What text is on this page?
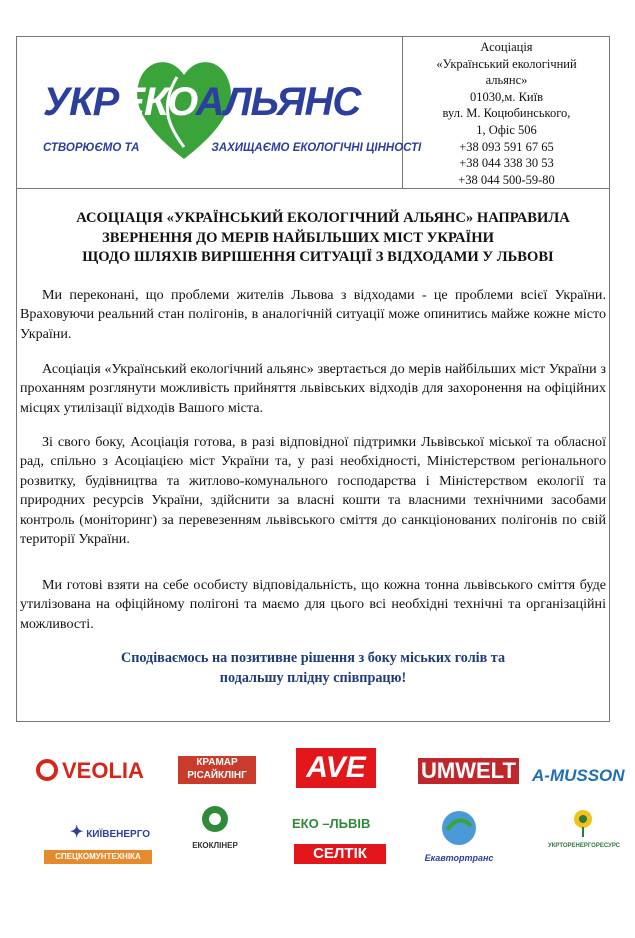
УКРЕКОАЛЬЯНС
СТВОРЮЄМО ТА	ЗАХИЩАЄМО ЕКОЛОГІЧНІ ЦІННОСТІ
Асоціація
«Український екологічний
альянс»
01030,м. Київ
вул. М. Коцюбинського,
1, Офіс 506
+38 093 591 67 65
+38 044 338 30 53
+38 044 500-59-80
АСОЦІАЦІЯ «УКРАЇНСЬКИЙ ЕКОЛОГІЧНИЙ АЛЬЯНС» НАПРАВИЛА
ЗВЕРНЕННЯ ДО МЕРІВ НАЙБІЛЬШИХ МІСТ УКРАЇНИ
ЩОДО ШЛЯХІВ ВИРІШЕННЯ СИТУАЦІЇ З ВІДХОДАМИ У ЛЬВОВІ

Ми переконані, що проблеми жителів Львова з відходами - це проблеми всієї України. Враховуючи реальний стан полігонів, в аналогічній ситуації може опинитись майже кожне місто України.

Асоціація «Український екологічний альянс» звертається до мерів найбільших міст України з проханням розглянути можливість прийняття львівських відходів для захоронення на офіційних місцях утилізації відходів Вашого міста.

Зі свого боку, Асоціація готова, в разі відповідної підтримки Львівської міської та обласної рад, спільно з Асоціацією міст України та, у разі необхідності, Міністерством регіонального розвитку, будівництва та житлово-комунального господарства і Міністерством екології та природних ресурсів України, здійснити за власні кошти та власними технічними засобами контроль (моніторинг) за перевезенням львівського сміття до санкціонованих полігонів по свій території України.

Ми готові взяти на себе особисту відповідальність, що кожна тонна львівського сміття буде утилізована на офіційному полігоні та маємо для цього всі необхідні технічні та організаційні можливості.

Сподіваємось на позитивне рішення з боку міських голів та
подальшу плідну співпрацю!
VEOLIA	КРАМАР
РІСАЙКЛІНГ	AVE	UMWELT A-MUSSON
✦ КИЇВЕНЕРГО
СПЕЦКОМУНТЕХНІКА
ЕКОКЛІНЕР
ЕКО –ЛЬВІВ
СЕЛТІК	Екавтортранс
УКРТОРЕНЕРГОРЕСУРС
